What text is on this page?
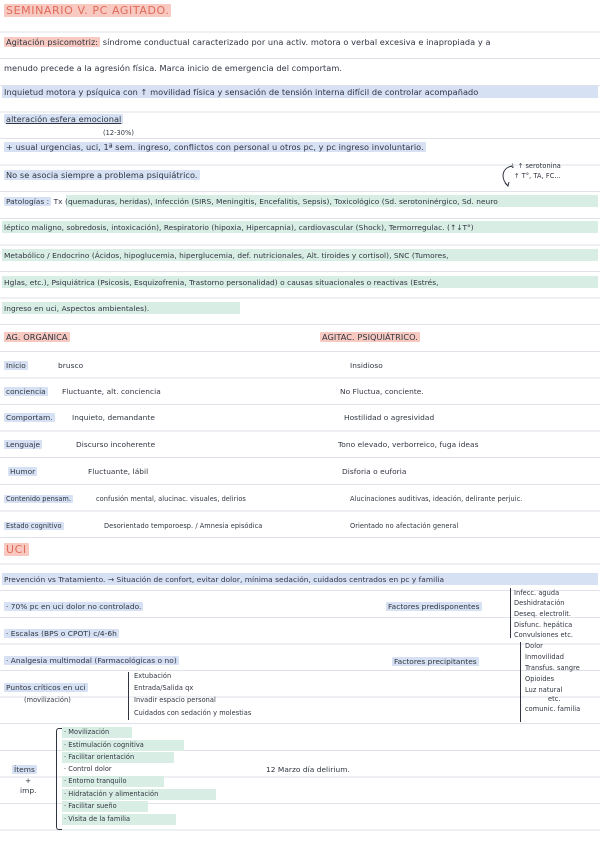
SEMINARIO V. PC AGITADO.
Agitación psicomotriz: síndrome conductual caracterizado por una activ. motora o verbal excesiva e inapropiada y a
menudo precede a la agresión física. Marca inicio de emergencia del comportam.
Inquietud motora y psíquica con ↑ movilidad física y sensación de tensión interna difícil de controlar acompañado
alteración esfera emocional
(12-30%)
+ usual urgencias, uci, 1ª sem. ingreso, conflictos con personal u otros pc, y pc ingreso involuntario.
No se asocia siempre a problema psiquiátrico.
↓ ↑ serotonina
↑ T°, TA, FC...
Patologías : Tx (quemaduras, heridas), Infección (SIRS, Meningitis, Encefalitis, Sepsis), Toxicológico (Sd. serotoninérgico, Sd. neuro
léptico maligno, sobredosis, intoxicación), Respiratorio (hipoxia, Hipercapnia), cardiovascular (Shock), Termorregulac. (↑↓T°)
Metabólico / Endocrino (Ácidos, hipoglucemia, hiperglucemia, def. nutricionales, Alt. tiroides y cortisol), SNC (Tumores,
Hglas, etc.), Psiquiátrica (Psicosis, Esquizofrenia, Trastorno personalidad) o causas situacionales o reactivas (Estrés,
Ingreso en uci, Aspectos ambientales).
AG. ORGÁNICA	AGITAC. PSIQUIÁTRICO.
Inicio	brusco	Insidioso
conciencia Fluctuante, alt. conciencia	No Fluctua, conciente.
Comportam.	Inquieto, demandante	Hostilidad o agresividad
Lenguaje	Discurso incoherente	Tono elevado, verborreico, fuga ideas
Humor	Fluctuante, lábil	Disforia o euforia
Contenido pensam.	confusión mental, alucinac. visuales, delirios	Alucinaciones auditivas, ideación, delirante perjuic.
Estado cognitivo	Desorientado temporoesp. / Amnesia episódica	Orientado no afectación general
UCI
Prevención vs Tratamiento. → Situación de confort, evitar dolor, mínima sedación, cuidados centrados en pc y familia
· 70% pc en uci dolor no controlado.
· Escalas (BPS o CPOT) c/4-6h
· Analgesia multimodal (Farmacológicas o no)
Puntos críticos en uci
(movilización)
Extubación
Entrada/Salida qx
Invadir espacio personal
Cuidados con sedación y molestias
Factores predisponentes
Infecc. aguda
Deshidratación
Deseq. electrolit.
Disfunc. hepática
Convulsiones etc.
Factores precipitantes
Dolor
Inmovilidad
Transfus. sangre
Opioides
Luz natural
etc.
comunic. familia
Ítems
+
imp.
· Movilización
· Estimulación cognitiva
· Facilitar orientación
· Control dolor
· Entorno tranquilo
· Hidratación y alimentación
· Facilitar sueño
· Visita de la familia
12 Marzo día delirium.
